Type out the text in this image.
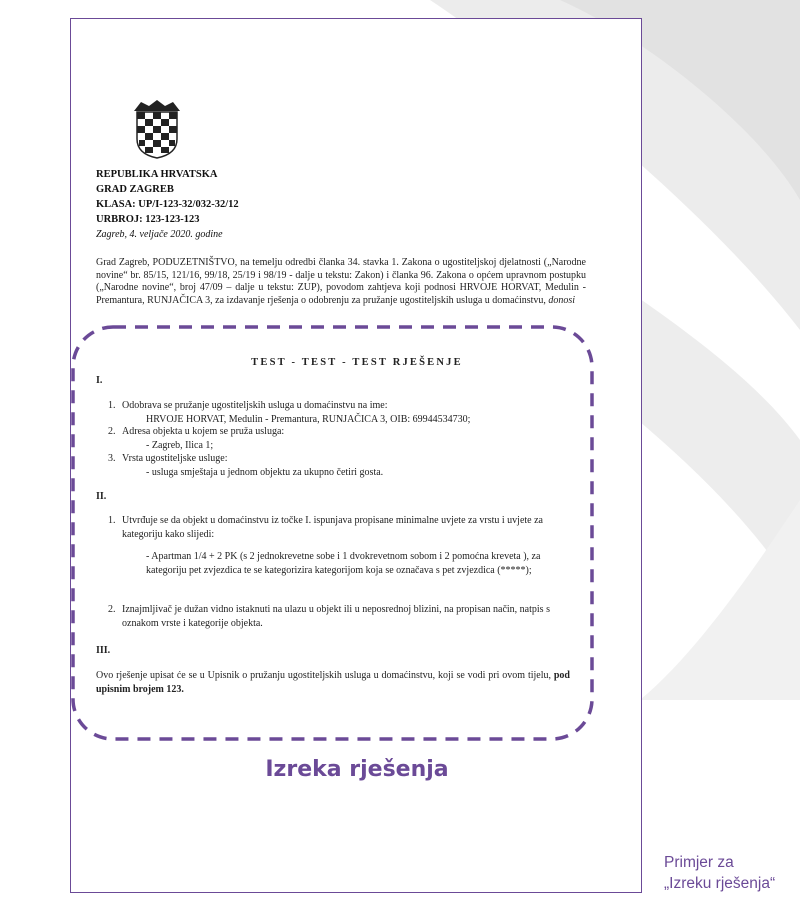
REPUBLIKA HRVATSKA
GRAD ZAGREB
KLASA: UP/I-123-32/032-32/12
URBROJ: 123-123-123
Zagreb, 4. veljače 2020. godine
Grad Zagreb, PODUZETNIŠTVO, na temelju odredbi članka 34. stavka 1. Zakona o ugostiteljskoj djelatnosti („Narodne novine“ br. 85/15, 121/16, 99/18, 25/19 i 98/19 - dalje u tekstu: Zakon) i članka 96. Zakona o općem upravnom postupku („Narodne novine“, broj 47/09 – dalje u tekstu: ZUP), povodom zahtjeva koji podnosi HRVOJE HORVAT, Medulin - Premantura, RUNJAČICA 3, za izdavanje rješenja o odobrenju za pružanje ugostiteljskih usluga u domaćinstvu, donosi
TEST - TEST - TEST RJEŠENJE
I.
1. Odobrava se pružanje ugostiteljskih usluga u domaćinstvu na ime:
HRVOJE HORVAT, Medulin - Premantura, RUNJAČICA 3, OIB: 69944534730;
2. Adresa objekta u kojem se pruža usluga:
- Zagreb, Ilica 1;
3. Vrsta ugostiteljske usluge:
- usluga smještaja u jednom objektu za ukupno četiri gosta.
II.
1. Utvrđuje se da objekt u domaćinstvu iz točke I. ispunjava propisane minimalne uvjete za vrstu i uvjete za kategoriju kako slijedi:
- Apartman 1/4 + 2 PK (s 2 jednokrevetne sobe i 1 dvokrevetnom sobom i 2 pomoćna kreveta ), za kategoriju pet zvjezdica te se kategorizira kategorijom koja se označava s pet zvjezdica (*****);
2. Iznajmljivač je dužan vidno istaknuti na ulazu u objekt ili u neposrednoj blizini, na propisan način, natpis s oznakom vrste i kategorije objekta.
III.
Ovo rješenje upisat će se u Upisnik o pružanju ugostiteljskih usluga u domaćinstvu, koji se vodi pri ovom tijelu, pod upisnim brojem 123.
Izreka rješenja
Primjer za
„Izreku rješenja“
